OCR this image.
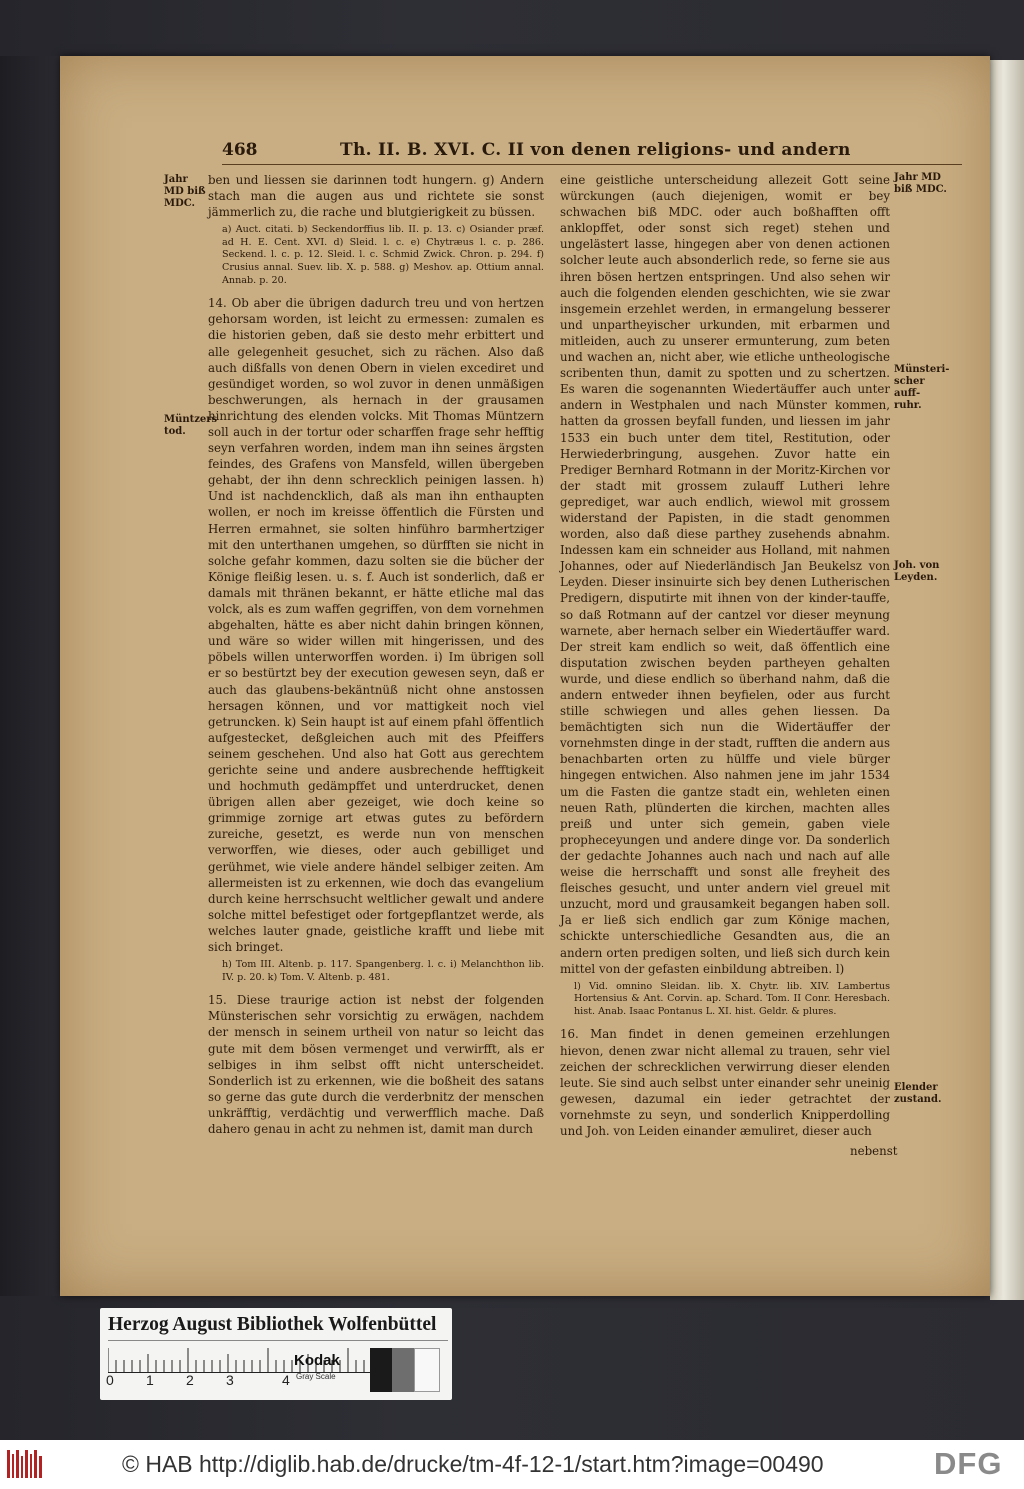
468	Th. II. B. XVI. C. II von denen religions- und andern
Jahr MD biß MDC.
Müntzers tod.
Jahr MD biß MDC.
Münsteri- scher auff- ruhr.
Joh. von Leyden.
Elender zustand.

ben und liessen sie darinnen todt hungern. g) Andern stach man die augen aus und richtete sie sonst jämmerlich zu, die rache und blutgierigkeit zu büssen.

a) Auct. citati. b) Seckendorffius lib. II. p. 13. c) Osiander præf. ad H. E. Cent. XVI. d) Sleid. l. c. e) Chytræus l. c. p. 286. Seckend. l. c. p. 12. Sleid. l. c. Schmid Zwick. Chron. p. 294. f) Crusius annal. Suev. lib. X. p. 588. g) Meshov. ap. Ottium annal. Annab. p. 20.

14. Ob aber die übrigen dadurch treu und von hertzen gehorsam worden, ist leicht zu ermessen: zumalen es die historien geben, daß sie desto mehr erbittert und alle gelegenheit gesuchet, sich zu rächen. Also daß auch dißfalls von denen Obern in vielen excediret und gesündiget worden, so wol zuvor in denen unmäßigen beschwerungen, als hernach in der grausamen hinrichtung des elenden volcks. Mit Thomas Müntzern soll auch in der tortur oder scharffen frage sehr hefftig seyn verfahren worden, indem man ihn seines ärgsten feindes, des Grafens von Mansfeld, willen übergeben gehabt, der ihn denn schrecklich peinigen lassen. h) Und ist nachdencklich, daß als man ihn enthaupten wollen, er noch im kreisse öffentlich die Fürsten und Herren ermahnet, sie solten hinführo barmhertziger mit den unterthanen umgehen, so dürfften sie nicht in solche gefahr kommen, dazu solten sie die bücher der Könige fleißig lesen. u. s. f. Auch ist sonderlich, daß er damals mit thränen bekannt, er hätte etliche mal das volck, als es zum waffen gegriffen, von dem vornehmen abgehalten, hätte es aber nicht dahin bringen können, und wäre so wider willen mit hingerissen, und des pöbels willen unterworffen worden. i) Im übrigen soll er so bestürtzt bey der execution gewesen seyn, daß er auch das glaubens-bekäntnüß nicht ohne anstossen hersagen können, und vor mattigkeit noch viel getruncken. k) Sein haupt ist auf einem pfahl öffentlich aufgestecket, deßgleichen auch mit des Pfeiffers seinem geschehen. Und also hat Gott aus gerechtem gerichte seine und andere ausbrechende hefftigkeit und hochmuth gedämpffet und unterdrucket, denen übrigen allen aber gezeiget, wie doch keine so grimmige zornige art etwas gutes zu befördern zureiche, gesetzt, es werde nun von menschen verworffen, wie dieses, oder auch gebilliget und gerühmet, wie viele andere händel selbiger zeiten. Am allermeisten ist zu erkennen, wie doch das evangelium durch keine herrschsucht weltlicher gewalt und andere solche mittel befestiget oder fortgepflantzet werde, als welches lauter gnade, geistliche krafft und liebe mit sich bringet.

h) Tom III. Altenb. p. 117. Spangenberg. l. c. i) Melanchthon lib. IV. p. 20. k) Tom. V. Altenb. p. 481.

15. Diese traurige action ist nebst der folgenden Münsterischen sehr vorsichtig zu erwägen, nachdem der mensch in seinem urtheil von natur so leicht das gute mit dem bösen vermenget und verwirfft, als er selbiges in ihm selbst offt nicht unterscheidet. Sonderlich ist zu erkennen, wie die boßheit des satans so gerne das gute durch die verderbnitz der menschen unkräfftig, verdächtig und verwerfflich mache. Daß dahero genau in acht zu nehmen ist, damit man durch

eine geistliche unterscheidung allezeit Gott seine würckungen (auch diejenigen, womit er bey schwachen biß MDC. oder auch boßhafften offt anklopffet, oder sonst sich reget) stehen und ungelästert lasse, hingegen aber von denen actionen solcher leute auch absonderlich rede, so ferne sie aus ihren bösen hertzen entspringen. Und also sehen wir auch die folgenden elenden geschichten, wie sie zwar insgemein erzehlet werden, in ermangelung besserer und unpartheyischer urkunden, mit erbarmen und mitleiden, auch zu unserer ermunterung, zum beten und wachen an, nicht aber, wie etliche untheologische scribenten thun, damit zu spotten und zu schertzen. Es waren die sogenannten Wiedertäuffer auch unter andern in Westphalen und nach Münster kommen, hatten da grossen beyfall funden, und liessen im jahr 1533 ein buch unter dem titel, Restitution, oder Herwiederbringung, ausgehen. Zuvor hatte ein Prediger Bernhard Rotmann in der Moritz-Kirchen vor der stadt mit grossem zulauff Lutheri lehre geprediget, war auch endlich, wiewol mit grossem widerstand der Papisten, in die stadt genommen worden, also daß diese parthey zusehends abnahm. Indessen kam ein schneider aus Holland, mit nahmen Johannes, oder auf Niederländisch Jan Beukelsz von Leyden. Dieser insinuirte sich bey denen Lutherischen Predigern, disputirte mit ihnen von der kinder-tauffe, so daß Rotmann auf der cantzel vor dieser meynung warnete, aber hernach selber ein Wiedertäuffer ward. Der streit kam endlich so weit, daß öffentlich eine disputation zwischen beyden partheyen gehalten wurde, und diese endlich so überhand nahm, daß die andern entweder ihnen beyfielen, oder aus furcht stille schwiegen und alles gehen liessen. Da bemächtigten sich nun die Widertäuffer der vornehmsten dinge in der stadt, rufften die andern aus benachbarten orten zu hülffe und viele bürger hingegen entwichen. Also nahmen jene im jahr 1534 um die Fasten die gantze stadt ein, wehleten einen neuen Rath, plünderten die kirchen, machten alles preiß und unter sich gemein, gaben viele propheceyungen und andere dinge vor. Da sonderlich der gedachte Johannes auch nach und nach auf alle weise die herrschafft und sonst alle freyheit des fleisches gesucht, und unter andern viel greuel mit unzucht, mord und grausamkeit begangen haben soll. Ja er ließ sich endlich gar zum Könige machen, schickte unterschiedliche Gesandten aus, die an andern orten predigen solten, und ließ sich durch kein mittel von der gefasten einbildung abtreiben. l)

l) Vid. omnino Sleidan. lib. X. Chytr. lib. XIV. Lambertus Hortensius & Ant. Corvin. ap. Schard. Tom. II Conr. Heresbach. hist. Anab. Isaac Pontanus L. XI. hist. Geldr. & plures.

16. Man findet in denen gemeinen erzehlungen hievon, denen zwar nicht allemal zu trauen, sehr viel zeichen der schrecklichen verwirrung dieser elenden leute. Sie sind auch selbst unter einander sehr uneinig gewesen, dazumal ein ieder getrachtet der vornehmste zu seyn, und sonderlich Knipperdolling und Joh. von Leiden einander æmuliret, dieser auch

nebenst
Herzog August Bibliothek Wolfenbüttel
0 1 2 3	4
Kodak
Gray Scale
© HAB http://diglib.hab.de/drucke/tm-4f-12-1/start.htm?image=00490	DFG
